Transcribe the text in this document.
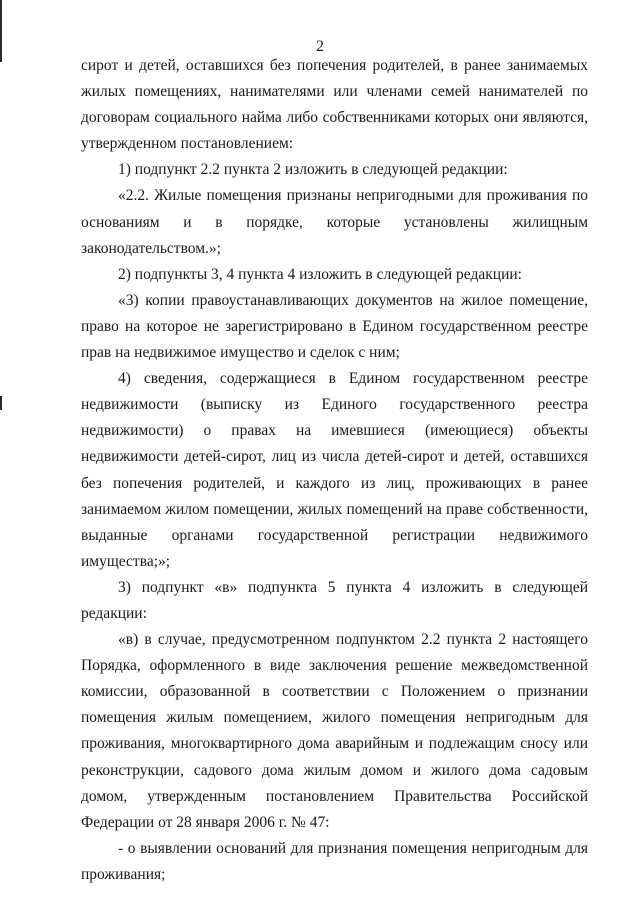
2

сирот и детей, оставшихся без попечения родителей, в ранее занимаемых жилых помещениях, нанимателями или членами семей нанимателей по договорам социального найма либо собственниками которых они являются, утвержденном постановлением:

1) подпункт 2.2 пункта 2 изложить в следующей редакции:

«2.2. Жилые помещения признаны непригодными для проживания по основаниям и в порядке, которые установлены жилищным законодательством.»;

2) подпункты 3, 4 пункта 4 изложить в следующей редакции:

«3) копии правоустанавливающих документов на жилое помещение, право на которое не зарегистрировано в Едином государственном реестре прав на недвижимое имущество и сделок с ним;

4) сведения, содержащиеся в Едином государственном реестре недвижимости (выписку из Единого государственного реестра недвижимости) о правах на имевшиеся (имеющиеся) объекты недвижимости детей-сирот, лиц из числа детей-сирот и детей, оставшихся без попечения родителей, и каждого из лиц, проживающих в ранее занимаемом жилом помещении, жилых помещений на праве собственности, выданные органами государственной регистрации недвижимого имущества;»;

3) подпункт «в» подпункта 5 пункта 4 изложить в следующей редакции:

«в) в случае, предусмотренном подпунктом 2.2 пункта 2 настоящего Порядка, оформленного в виде заключения решение межведомственной комиссии, образованной в соответствии с Положением о признании помещения жилым помещением, жилого помещения непригодным для проживания, многоквартирного дома аварийным и подлежащим сносу или реконструкции, садового дома жилым домом и жилого дома садовым домом, утвержденным постановлением Правительства Российской Федерации от 28 января 2006 г. № 47:

- о выявлении оснований для признания помещения непригодным для проживания;
